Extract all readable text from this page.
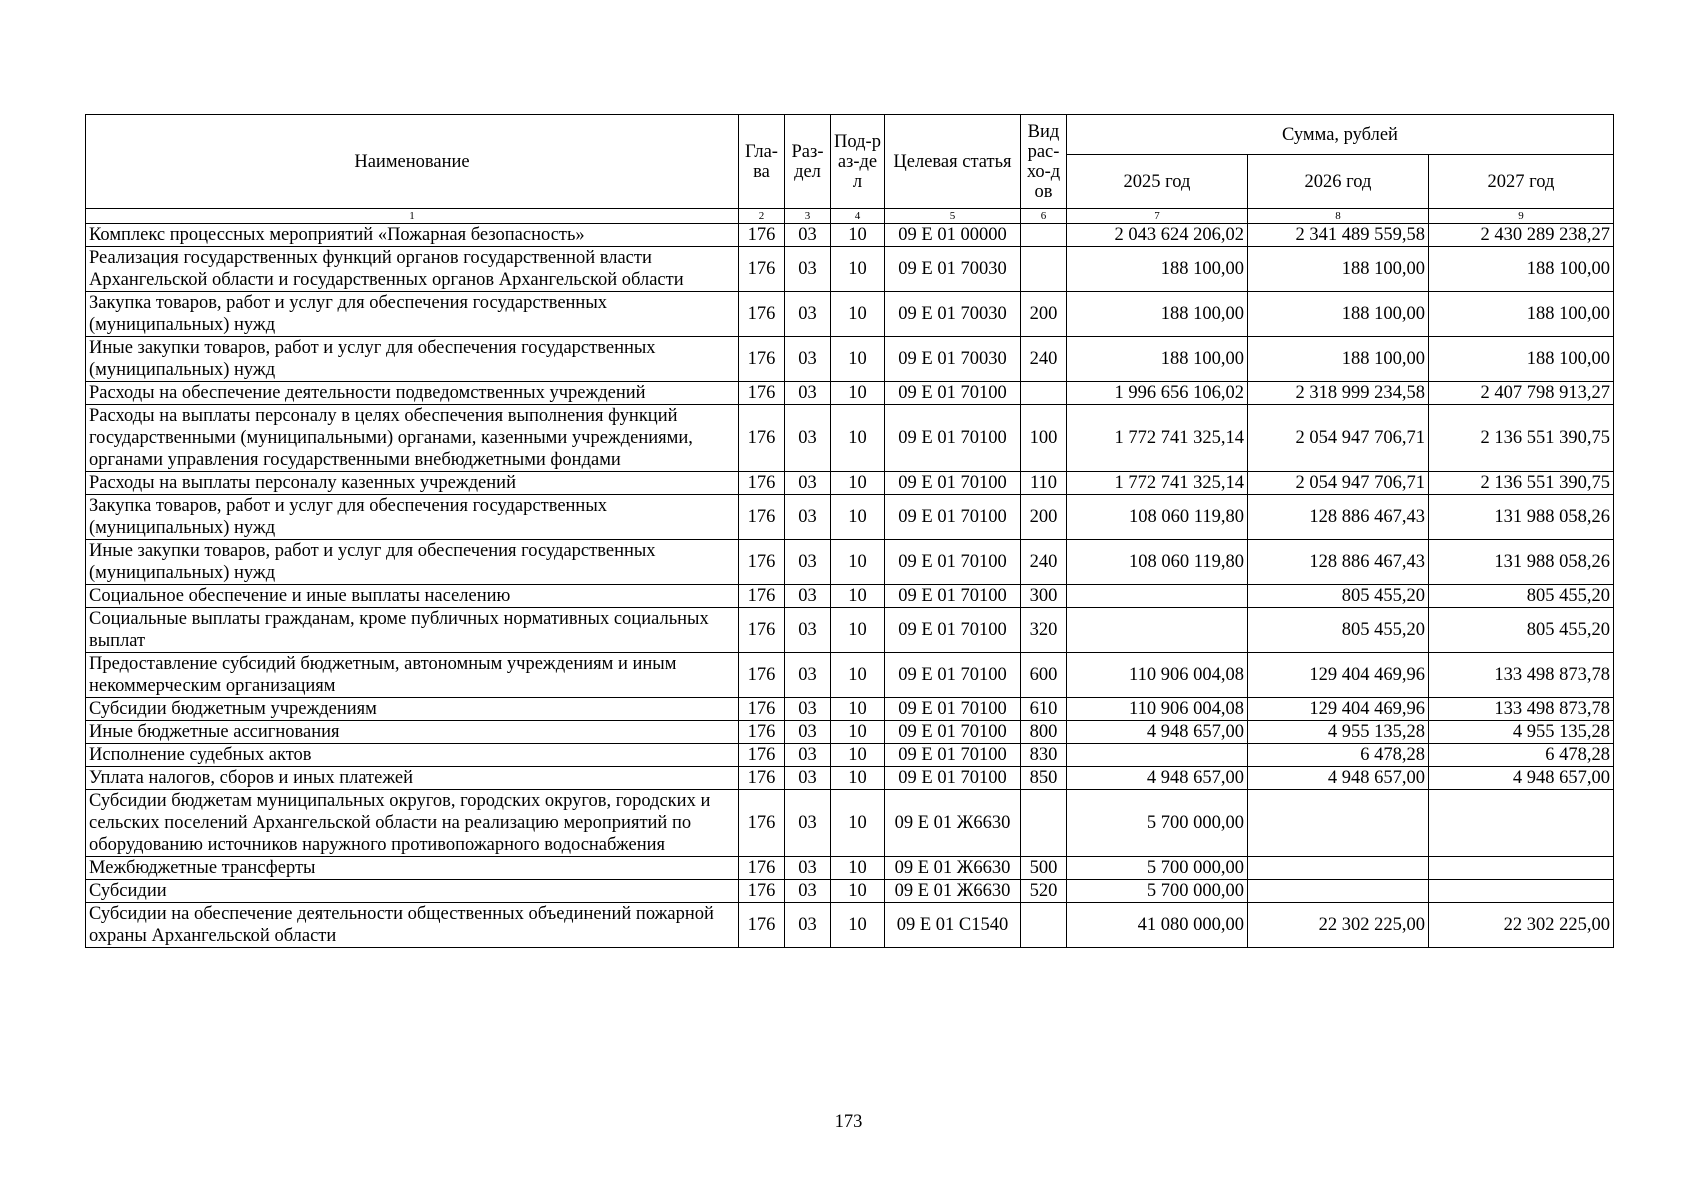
Наименование	Гла-ва	Раз-дел	Под-раз-дел	Целевая статья	Вид рас-хо-дов	Сумма, рублей		
						2025 год	2026 год	2027 год
1	2	3	4	5	6	7	8	9
Комплекс процессных мероприятий «Пожарная безопасность»	176	03	10	09 Е 01 00000		2 043 624 206,02	2 341 489 559,58	2 430 289 238,27
Реализация государственных функций органов государственной власти Архангельской области и государственных органов Архангельской области	176	03	10	09 Е 01 70030		188 100,00	188 100,00	188 100,00
Закупка товаров, работ и услуг для обеспечения государственных (муниципальных) нужд	176	03	10	09 Е 01 70030	200	188 100,00	188 100,00	188 100,00
Иные закупки товаров, работ и услуг для обеспечения государственных (муниципальных) нужд	176	03	10	09 Е 01 70030	240	188 100,00	188 100,00	188 100,00
Расходы на обеспечение деятельности подведомственных учреждений	176	03	10	09 Е 01 70100		1 996 656 106,02	2 318 999 234,58	2 407 798 913,27
Расходы на выплаты персоналу в целях обеспечения выполнения функций государственными (муниципальными) органами, казенными учреждениями, органами управления государственными внебюджетными фондами	176	03	10	09 Е 01 70100	100	1 772 741 325,14	2 054 947 706,71	2 136 551 390,75
Расходы на выплаты персоналу казенных учреждений	176	03	10	09 Е 01 70100	110	1 772 741 325,14	2 054 947 706,71	2 136 551 390,75
Закупка товаров, работ и услуг для обеспечения государственных (муниципальных) нужд	176	03	10	09 Е 01 70100	200	108 060 119,80	128 886 467,43	131 988 058,26
Иные закупки товаров, работ и услуг для обеспечения государственных (муниципальных) нужд	176	03	10	09 Е 01 70100	240	108 060 119,80	128 886 467,43	131 988 058,26
Социальное обеспечение и иные выплаты населению	176	03	10	09 Е 01 70100	300		805 455,20	805 455,20
Социальные выплаты гражданам, кроме публичных нормативных социальных выплат	176	03	10	09 Е 01 70100	320		805 455,20	805 455,20
Предоставление субсидий бюджетным, автономным учреждениям и иным некоммерческим организациям	176	03	10	09 Е 01 70100	600	110 906 004,08	129 404 469,96	133 498 873,78
Субсидии бюджетным учреждениям	176	03	10	09 Е 01 70100	610	110 906 004,08	129 404 469,96	133 498 873,78
Иные бюджетные ассигнования	176	03	10	09 Е 01 70100	800	4 948 657,00	4 955 135,28	4 955 135,28
Исполнение судебных актов	176	03	10	09 Е 01 70100	830		6 478,28	6 478,28
Уплата налогов, сборов и иных платежей	176	03	10	09 Е 01 70100	850	4 948 657,00	4 948 657,00	4 948 657,00
Субсидии бюджетам муниципальных округов, городских округов, городских и сельских поселений Архангельской области на реализацию мероприятий по оборудованию источников наружного противопожарного водоснабжения	176	03	10	09 Е 01 Ж6630		5 700 000,00		
Межбюджетные трансферты	176	03	10	09 Е 01 Ж6630	500	5 700 000,00		
Субсидии	176	03	10	09 Е 01 Ж6630	520	5 700 000,00		
Субсидии на обеспечение деятельности общественных объединений пожарной охраны Архангельской области	176	03	10	09 Е 01 С1540		41 080 000,00	22 302 225,00	22 302 225,00
173
